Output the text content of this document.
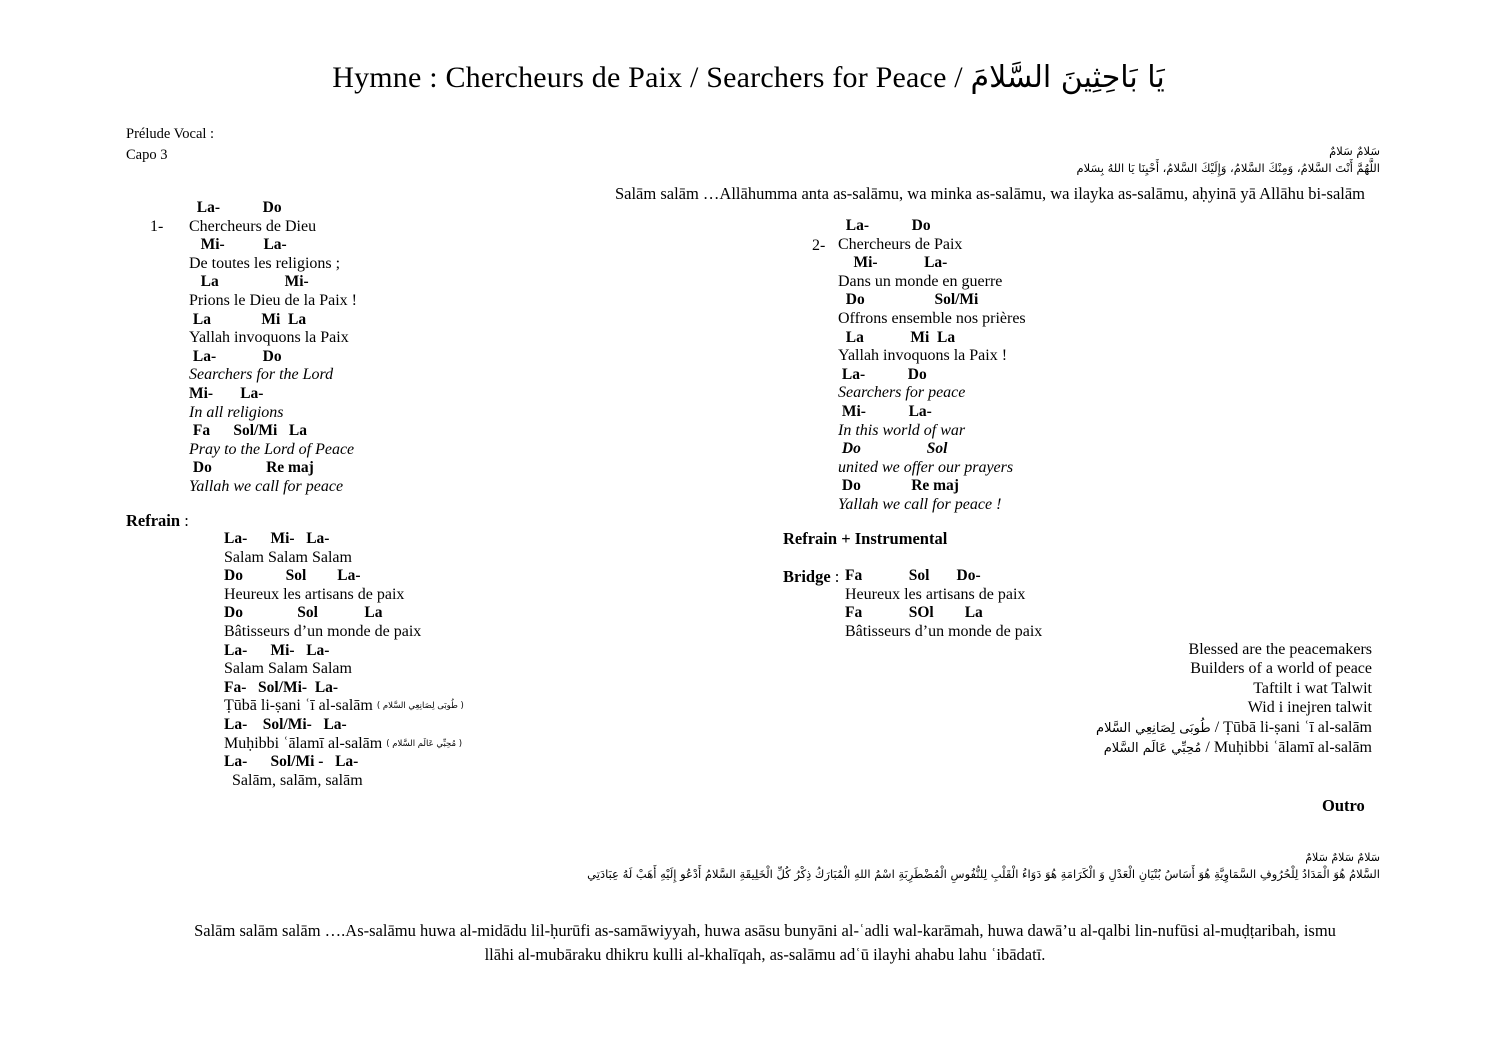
Hymne : Chercheurs de Paix / Searchers for Peace / يَا بَاحِثِينَ السَّلامَ
Prélude Vocal :
Capo 3	سَلامٌ سَلامٌ
اللَّهُمَّ أَنْتَ السَّلامُ، وَمِنْكَ السَّلامُ، وَإِلَيْكَ السَّلامُ، أَحْيِنَا يَا اللهُ بِسَلام
Salām salām …Allāhumma anta as-salāmu, wa minka as-salāmu, wa ilayka as-salāmu, aḥyinā yā Allāhu bi-salām
1-
La-           Do
Chercheurs de Dieu
Mi-          La-
De toutes les religions ;
La                 Mi-
Prions le Dieu de la Paix !
La             Mi  La
Yallah invoquons la Paix
La-            Do
Searchers for the Lord
Mi-       La-
In all religions
Fa      Sol/Mi   La
Pray to the Lord of Peace
Do              Re maj
Yallah we call for peace
2-
La-           Do
Chercheurs de Paix
Mi-            La-
Dans un monde en guerre
Do                  Sol/Mi
Offrons ensemble nos prières
La            Mi  La
Yallah invoquons la Paix !
La-           Do
Searchers for peace
Mi-           La-
In this world of war
Do                 Sol
united we offer our prayers
Do             Re maj
Yallah we call for peace !
Refrain :
La-      Mi-   La-
Salam Salam Salam
Do           Sol        La-
Heureux les artisans de paix
Do              Sol            La
Bâtisseurs d’un monde de paix
La-      Mi-   La-
Salam Salam Salam
Fa-   Sol/Mi-  La-
Ṭūbā li-ṣani ʿī al-salām ( طُوبَى لِصَانِعِي السَّلام )
La-    Sol/Mi-   La-
Muḥibbi ʿālamī al-salām ( مُحِبِّي عَالَم السَّلام )
La-      Sol/Mi -   La-
Salām, salām, salām
Refrain + Instrumental
Bridge : Fa            Sol       Do-
Heureux les artisans de paix
Fa            SOl        La
Bâtisseurs d’un monde de paix
Blessed are the peacemakers
Builders of a world of peace
Taftilt i wat Talwit
Wid i inejren talwit
طُوبَى لِصَانِعِي السَّلام / Ṭūbā li-ṣani ʿī al-salām
مُحِبِّي عَالَم السَّلام / Muḥibbi ʿālamī al-salām
Outro
سَلامٌ سَلامٌ سَلامٌ
السَّلامُ هُوَ الْمَدَادُ لِلْحُرُوفِ السَّمَاوِيَّةِ هُوَ أَسَاسُ بُنْيَانِ الْعَدْلِ وَ الْكَرَامَةِ هُوَ دَوَاءُ الْقَلْبِ لِلنُّفُوسِ الْمُضْطَرِبَةِ اسْمُ اللهِ الْمُبَارَكُ ذِكْرُ كُلِّ الْخَلِيقَةِ السَّلامُ أَدْعُو إِلَيْهِ أَهَبْ لَهُ عِبَادَتِي
Salām salām salām ….As-salāmu huwa al-midādu lil-ḥurūfi as-samāwiyyah, huwa asāsu bunyāni al-ʿadli wal-karāmah, huwa dawā’u al-qalbi lin-nufūsi al-muḍṭaribah, ismu
llāhi al-mubāraku dhikru kulli al-khalīqah, as-salāmu adʿū ilayhi ahabu lahu ʿibādatī.
